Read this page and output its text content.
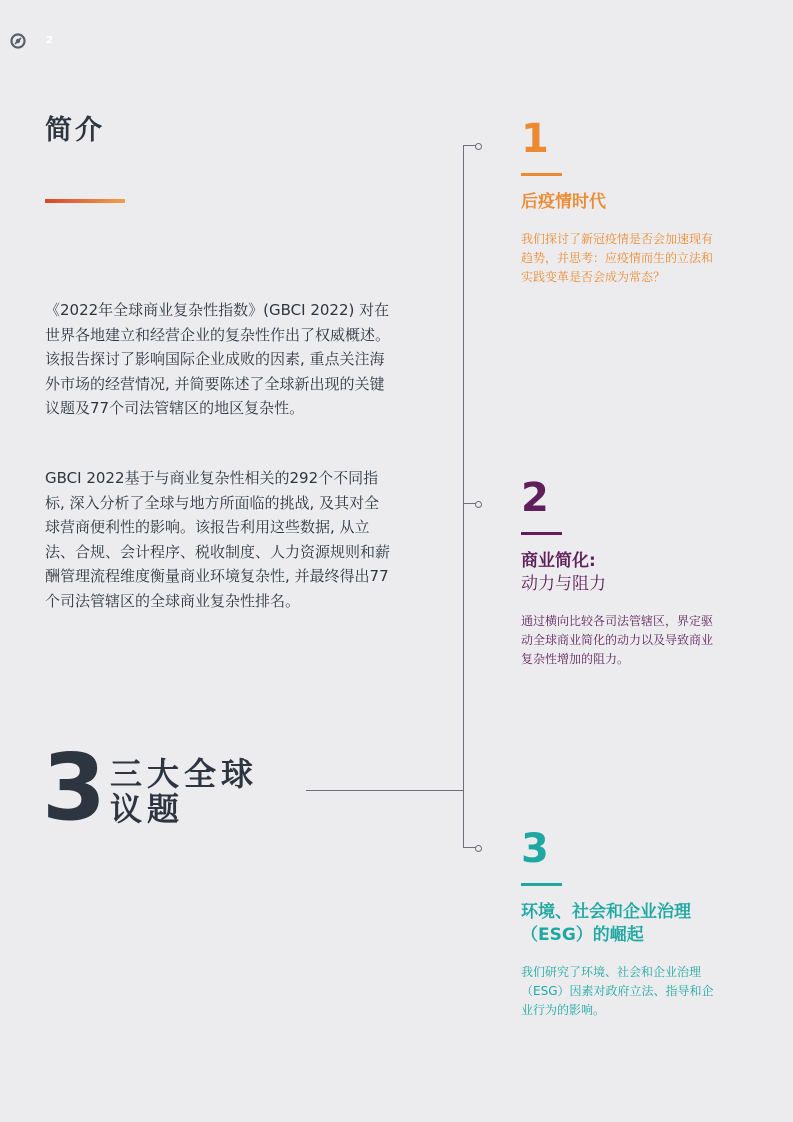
2
简介

《2022年全球商业复杂性指数》(GBCI 2022) 对在世界各地建立和经营企业的复杂性作出了权威概述。该报告探讨了影响国际企业成败的因素, 重点关注海外市场的经营情况, 并简要陈述了全球新出现的关键议题及77个司法管辖区的地区复杂性。

GBCI 2022基于与商业复杂性相关的292个不同指标, 深入分析了全球与地方所面临的挑战, 及其对全球营商便利性的影响。该报告利用这些数据, 从立法、合规、会计程序、税收制度、人力资源规则和薪酬管理流程维度衡量商业环境复杂性, 并最终得出77个司法管辖区的全球商业复杂性排名。

3 三大全球
议题
1
后疫情时代
我们探讨了新冠疫情是否会加速现有趋势，并思考：应疫情而生的立法和实践变革是否会成为常态？
2
商业简化:
动力与阻力
通过横向比较各司法管辖区，界定驱动全球商业简化的动力以及导致商业复杂性增加的阻力。
3
环境、社会和企业治理（ESG）的崛起
我们研究了环境、社会和企业治理（ESG）因素对政府立法、指导和企业行为的影响。
